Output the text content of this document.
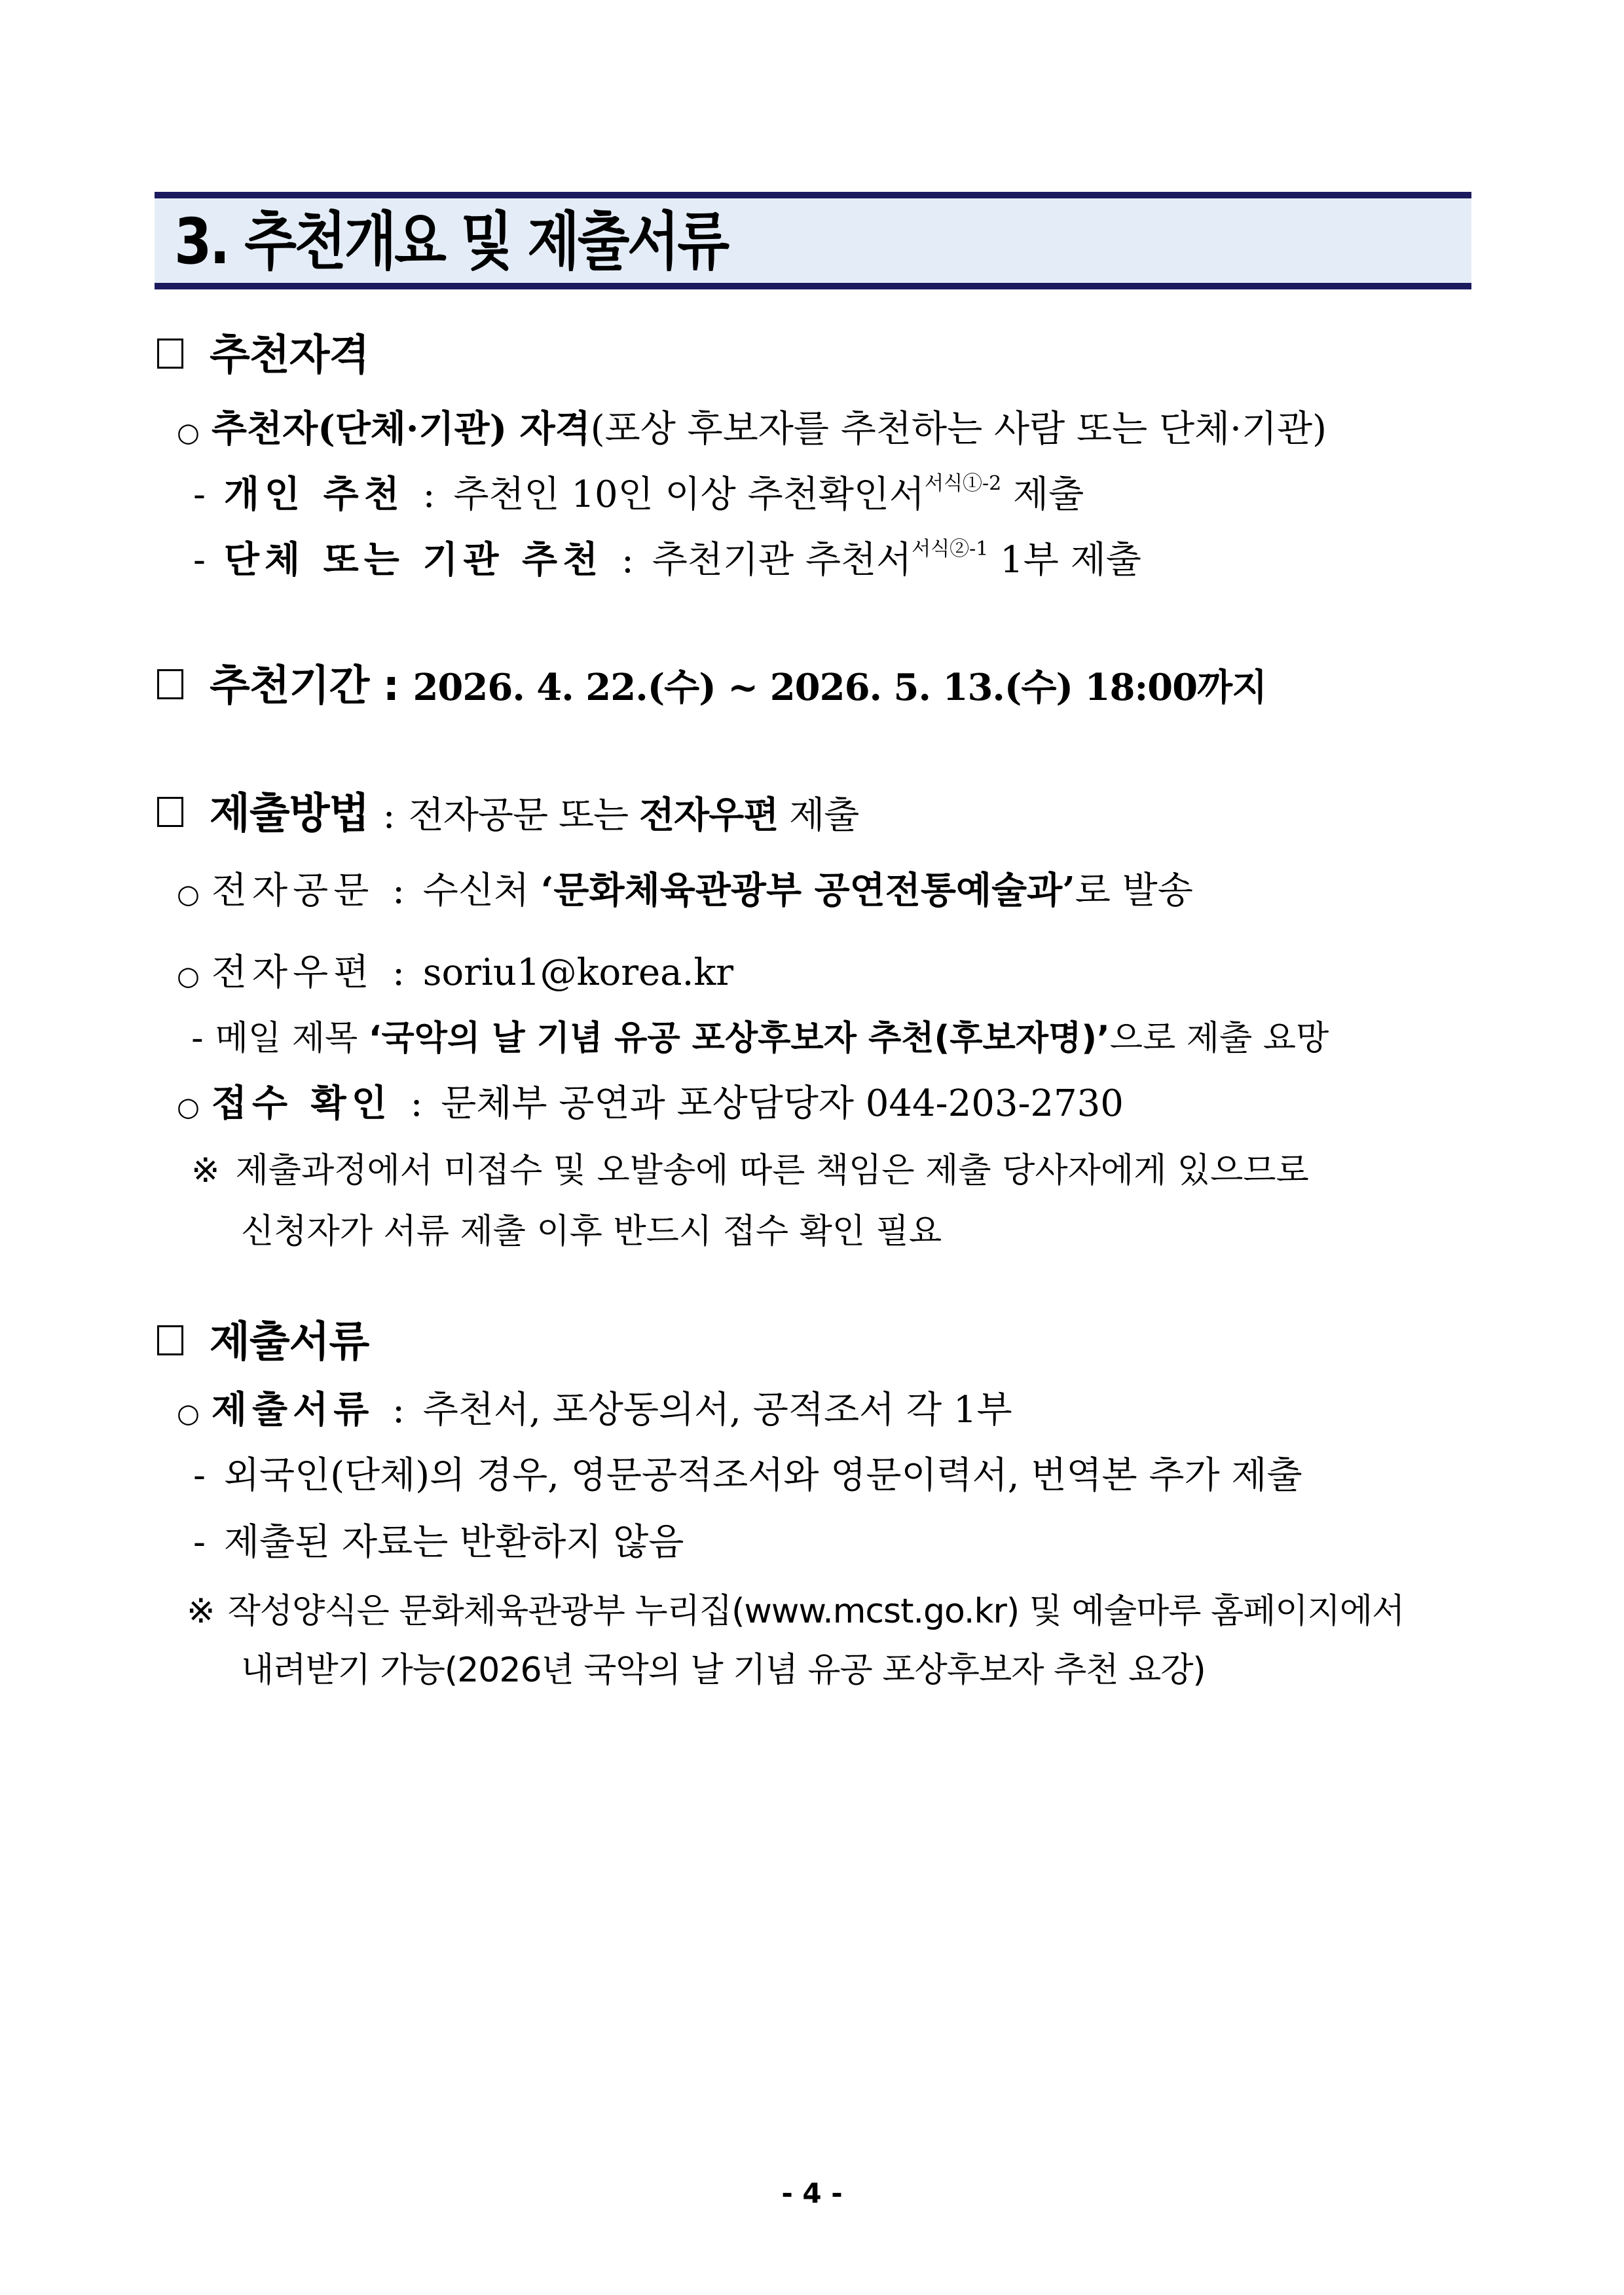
3. 추천개요 및 제출서류
추천자격
○ 추천자(단체·기관) 자격(포상 후보자를 추천하는 사람 또는 단체·기관)
- 개인 추천 : 추천인 10인 이상 추천확인서$^{서식①-2}$ 제출
- 단체 또는 기관 추천 : 추천기관 추천서$^{서식②-1}$ 1부 제출
추천기간 : 2026. 4. 22.(수) ~ 2026. 5. 13.(수) 18:00까지
제출방법 : 전자공문 또는 전자우편 제출
○ 전자공문 : 수신처 ‘문화체육관광부 공연전통예술과’로 발송
○ 전자우편 : soriu1@korea.kr
- 메일 제목 ‘국악의 날 기념 유공 포상후보자 추천(후보자명)’으로 제출 요망
○ 접수 확인 : 문체부 공연과 포상담당자 044-203-2730
※ 제출과정에서 미접수 및 오발송에 따른 책임은 제출 당사자에게 있으므로
신청자가 서류 제출 이후 반드시 접수 확인 필요
제출서류
○ 제출서류 : 추천서, 포상동의서, 공적조서 각 1부
- 외국인(단체)의 경우, 영문공적조서와 영문이력서, 번역본 추가 제출
- 제출된 자료는 반환하지 않음
※ 작성양식은 문화체육관광부 누리집(www.mcst.go.kr) 및 예술마루 홈페이지에서
내려받기 가능(2026년 국악의 날 기념 유공 포상후보자 추천 요강)
- 4 -
